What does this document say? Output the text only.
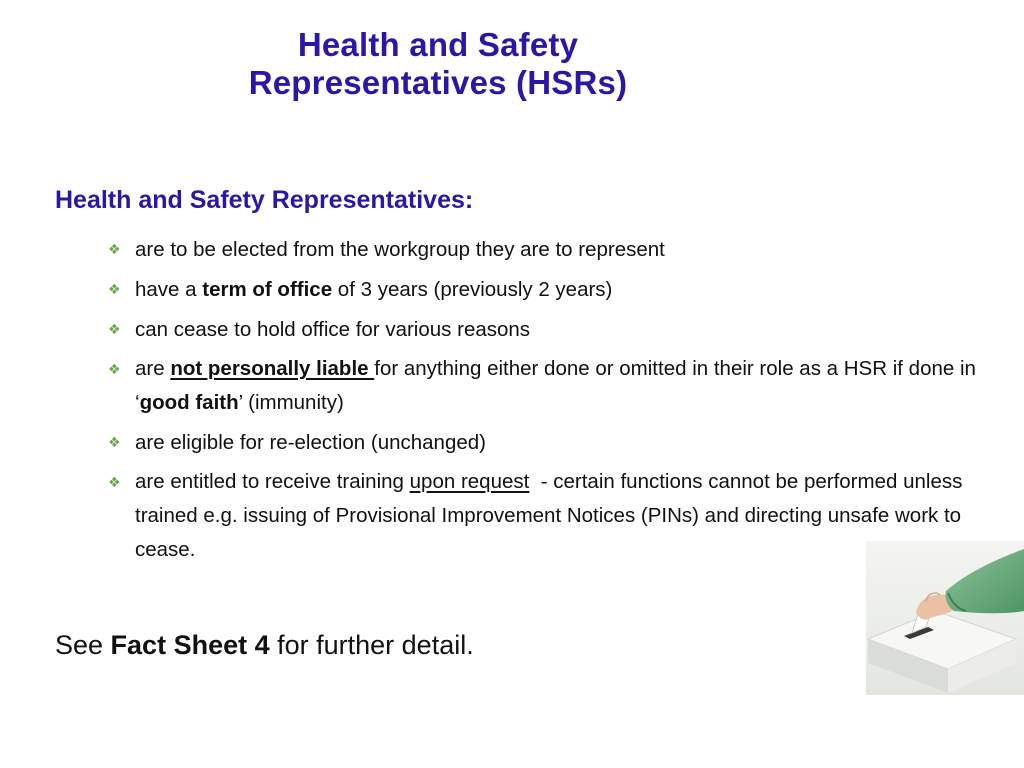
Health and Safety
Representatives (HSRs)
Health and Safety Representatives:
❖ are to be elected from the workgroup they are to represent
❖ have a term of office of 3 years (previously 2 years)
❖ can cease to hold office for various reasons
❖ are not personally liable for anything either done or omitted in their role as a HSR if done in ‘good faith’ (immunity)
❖ are eligible for re-election (unchanged)
❖ are entitled to receive training upon request  - certain functions cannot be performed unless trained e.g. issuing of Provisional Improvement Notices (PINs) and directing unsafe work to cease.
See Fact Sheet 4 for further detail.
